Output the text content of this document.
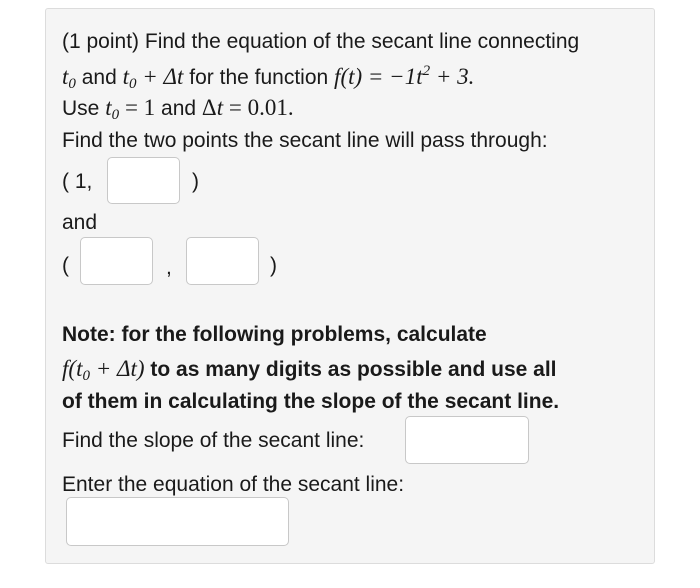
(1 point) Find the equation of the secant line connecting
$t_0$ and $t_0 + \Delta t$ for the function $f(t) = -1t^2 + 3$.
Use $t_0 = 1$ and Δt = 0.01.
Find the two points the secant line will pass through:
( 1,	)
and
(	,	)
Note: for the following problems, calculate
$f(t_0 + \Delta t)$ to as many digits as possible and use all
of them in calculating the slope of the secant line.
Find the slope of the secant line:
Enter the equation of the secant line:
